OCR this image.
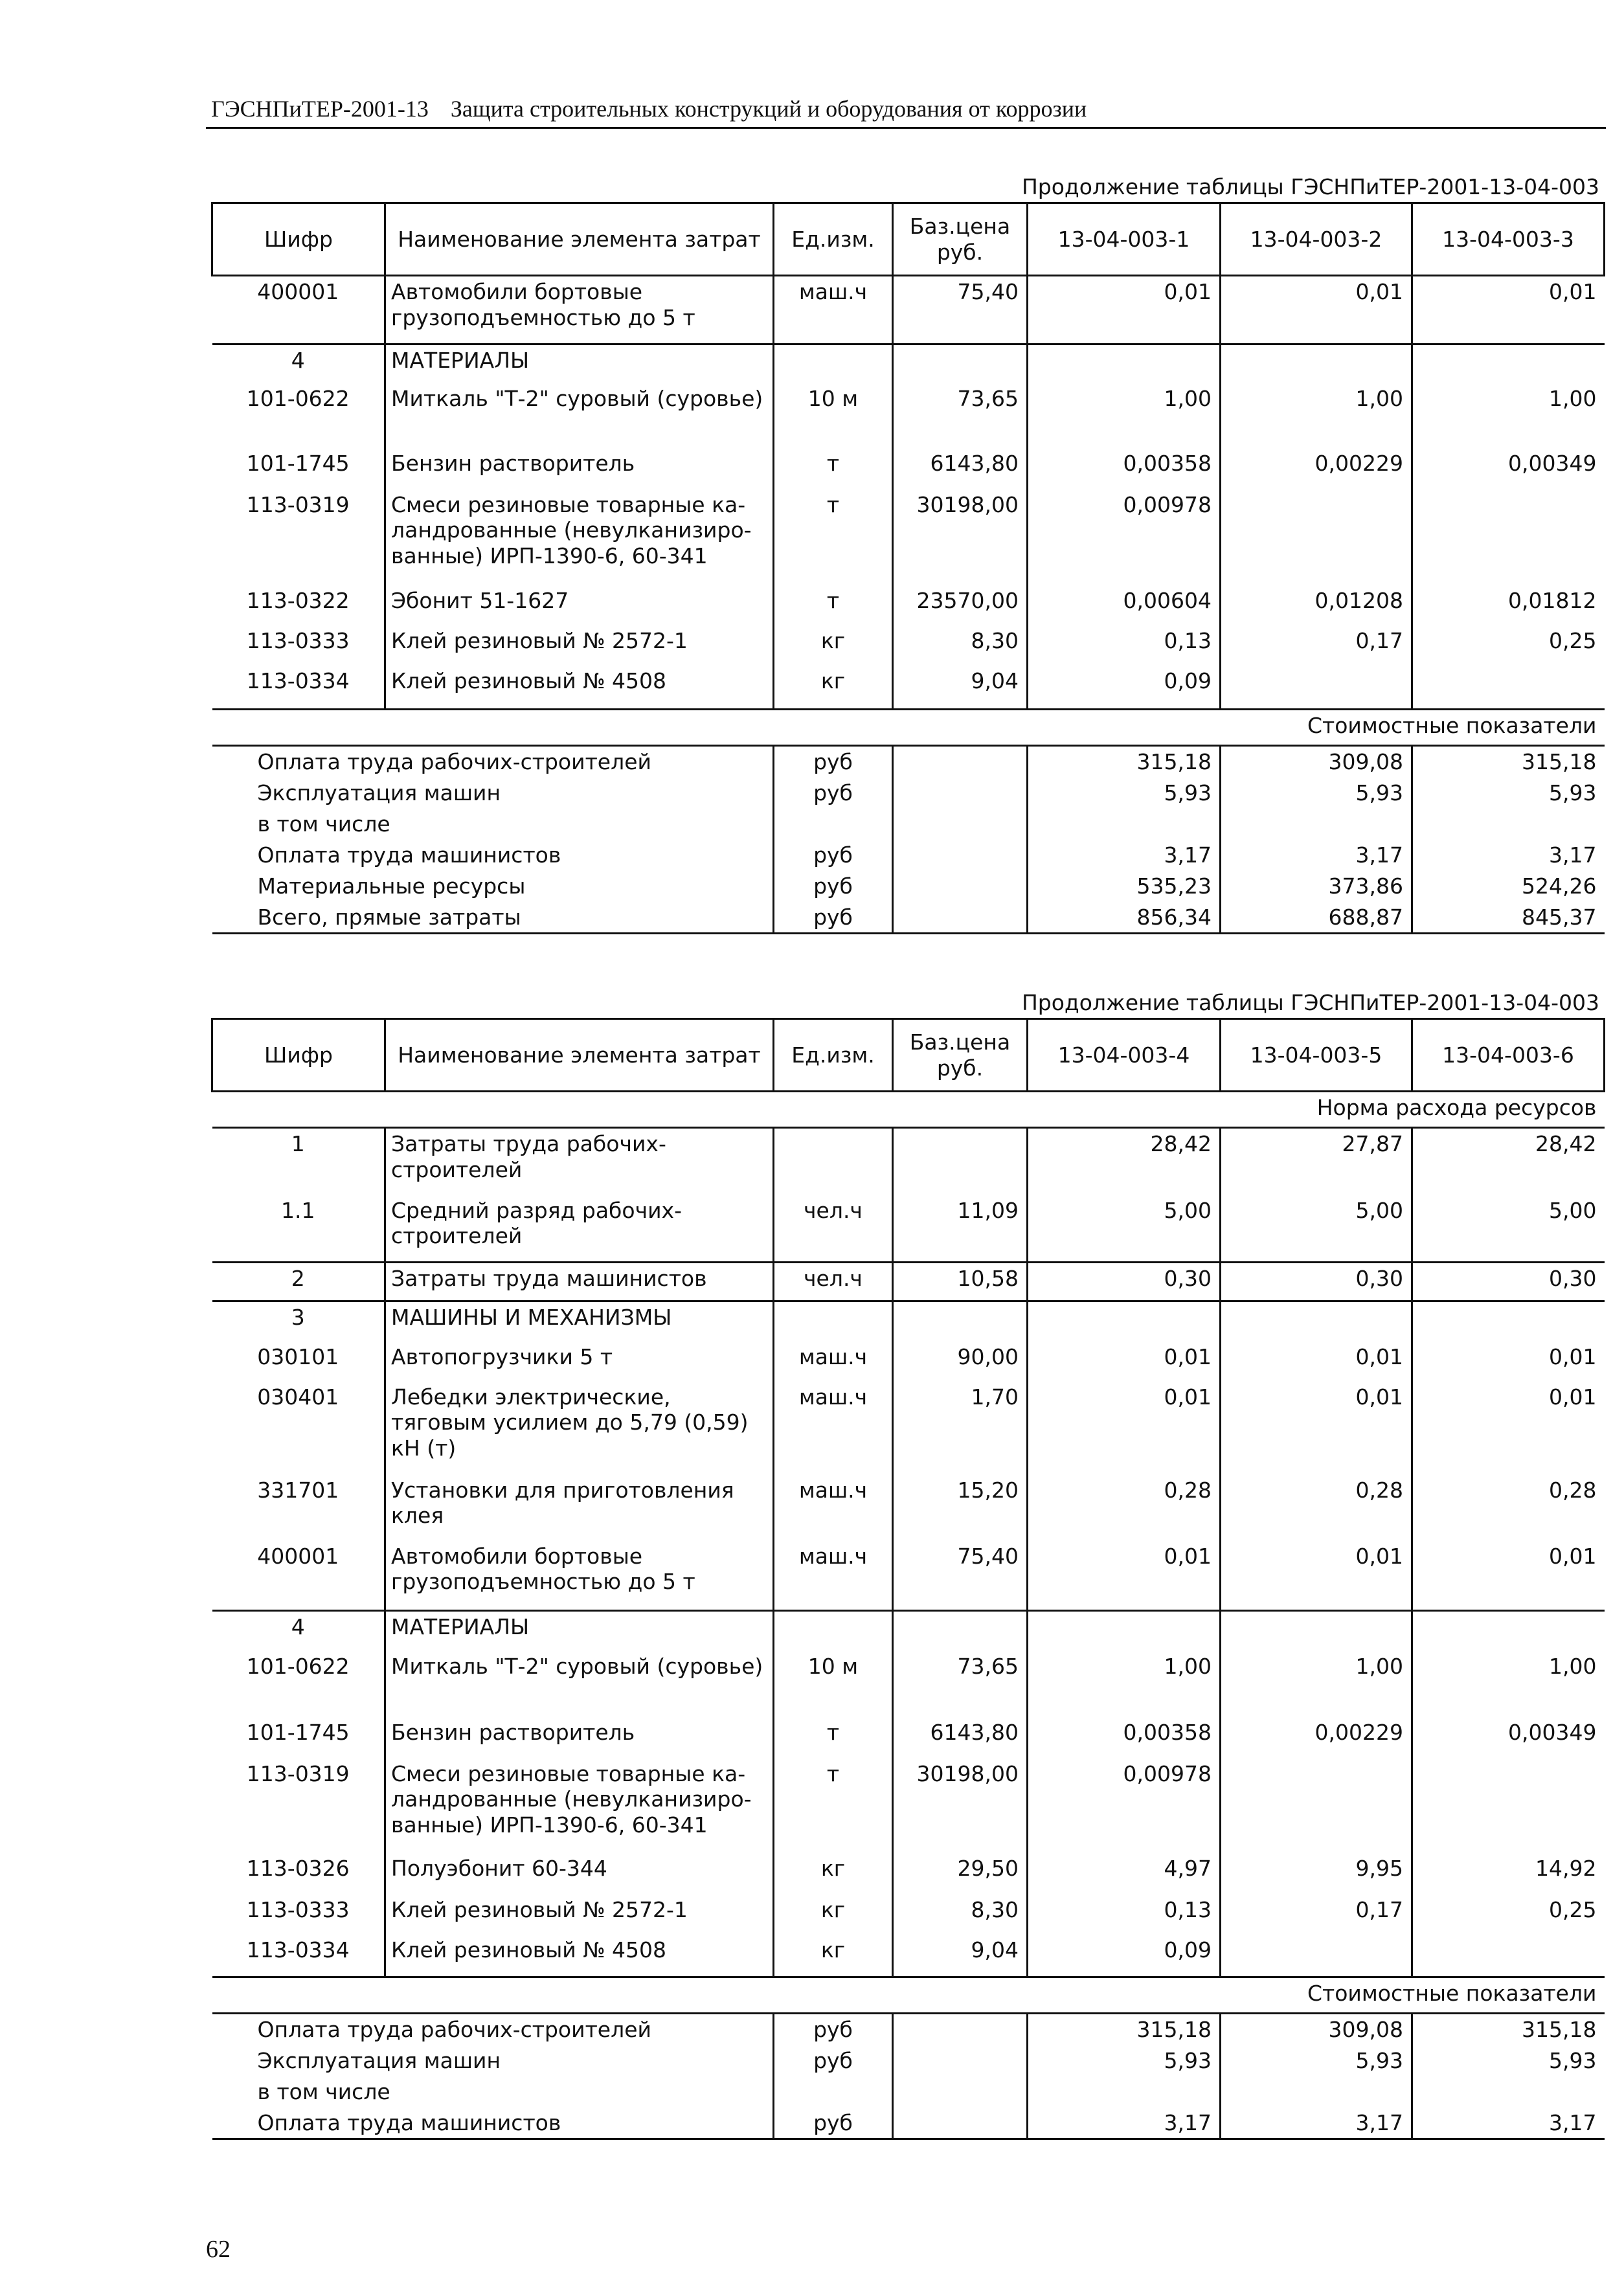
ГЭСНПиТЕР-2001-13 Защита строительных конструкций и оборудования от коррозии
Продолжение таблицы ГЭСНПиТЕР-2001-13-04-003
Шифр	Наименование элемента затрат	Ед.изм.	Баз.цена руб.	13-04-003-1	13-04-003-2	13-04-003-3
400001	Автомобили бортовые грузоподъемностью до 5 т	маш.ч	75,40	0,01	0,01	0,01
4	МАТЕРИАЛЫ					
101-0622	Миткаль "Т-2" суровый (суровье)	10 м	73,65	1,00	1,00	1,00
101-1745	Бензин растворитель	т	6143,80	0,00358	0,00229	0,00349
113-0319	Смеси резиновые товарные ка-ландрованные (невулканизиро-ванные) ИРП-1390-6, 60-341	т	30198,00	0,00978		
113-0322	Эбонит 51-1627	т	23570,00	0,00604	0,01208	0,01812
113-0333	Клей резиновый № 2572-1	кг	8,30	0,13	0,17	0,25
113-0334	Клей резиновый № 4508	кг	9,04	0,09		
Стоимостные показатели						
Оплата труда рабочих-строителей		руб		315,18	309,08	315,18
Эксплуатация машин		руб		5,93	5,93	5,93
в том числе						
Оплата труда машинистов		руб		3,17	3,17	3,17
Материальные ресурсы		руб		535,23	373,86	524,26
Всего, прямые затраты		руб		856,34	688,87	845,37
Продолжение таблицы ГЭСНПиТЕР-2001-13-04-003
Шифр	Наименование элемента затрат	Ед.изм.	Баз.цена руб.	13-04-003-4	13-04-003-5	13-04-003-6
Норма расхода ресурсов						
1	Затраты труда рабочих-строителей			28,42	27,87	28,42
1.1	Средний разряд рабочих-строителей	чел.ч	11,09	5,00	5,00	5,00
2	Затраты труда машинистов	чел.ч	10,58	0,30	0,30	0,30
3	МАШИНЫ И МЕХАНИЗМЫ					
030101	Автопогрузчики 5 т	маш.ч	90,00	0,01	0,01	0,01
030401	Лебедки электрические, тяговым усилием до 5,79 (0,59) кН (т)	маш.ч	1,70	0,01	0,01	0,01
331701	Установки для приготовления клея	маш.ч	15,20	0,28	0,28	0,28
400001	Автомобили бортовые грузоподъемностью до 5 т	маш.ч	75,40	0,01	0,01	0,01
4	МАТЕРИАЛЫ					
101-0622	Миткаль "Т-2" суровый (суровье)	10 м	73,65	1,00	1,00	1,00
101-1745	Бензин растворитель	т	6143,80	0,00358	0,00229	0,00349
113-0319	Смеси резиновые товарные ка-ландрованные (невулканизиро-ванные) ИРП-1390-6, 60-341	т	30198,00	0,00978		
113-0326	Полуэбонит 60-344	кг	29,50	4,97	9,95	14,92
113-0333	Клей резиновый № 2572-1	кг	8,30	0,13	0,17	0,25
113-0334	Клей резиновый № 4508	кг	9,04	0,09		
Стоимостные показатели						
Оплата труда рабочих-строителей		руб		315,18	309,08	315,18
Эксплуатация машин		руб		5,93	5,93	5,93
в том числе						
Оплата труда машинистов		руб		3,17	3,17	3,17
62
